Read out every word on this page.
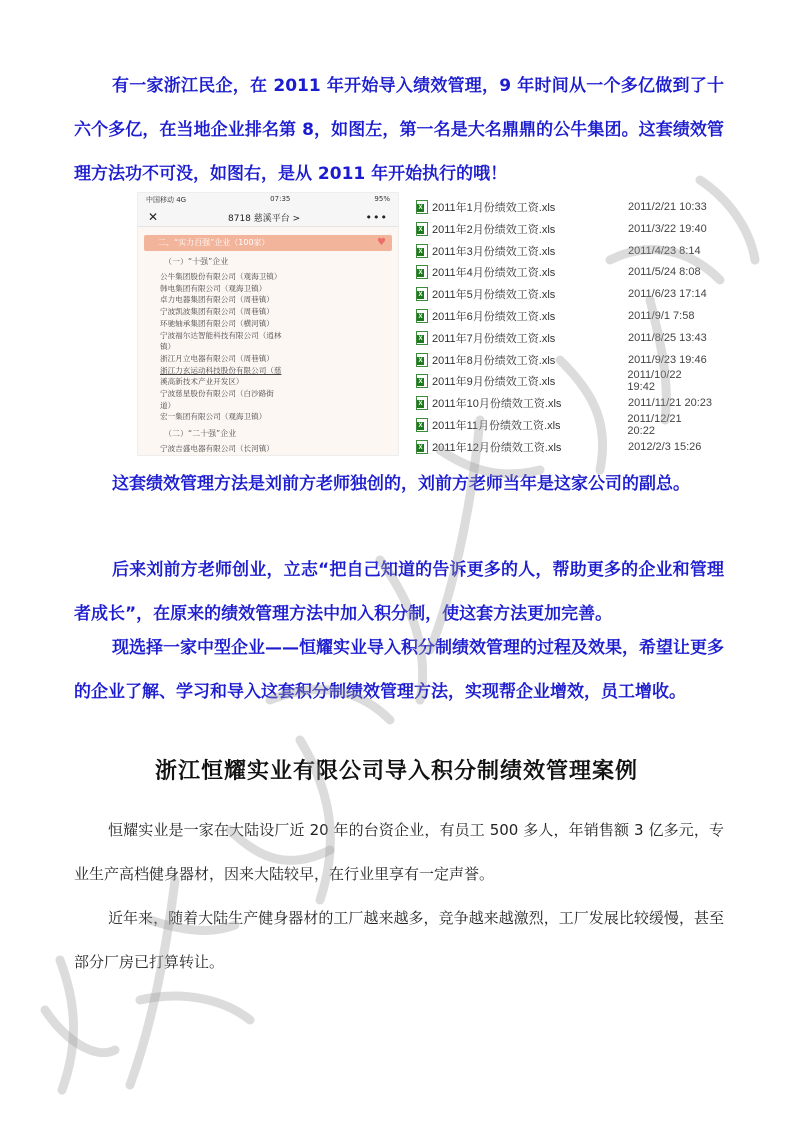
有一家浙江民企，在 2011 年开始导入绩效管理，9 年时间从一个多亿做到了十六个多亿，在当地企业排名第 8，如图左，第一名是大名鼎鼎的公牛集团。这套绩效管理方法功不可没，如图右，是从 2011 年开始执行的哦！

中国移动 4G	07:35	95%
✕	8718 慈溪平台 >	•••
二、“实力百强”企业（100家）	♥
（一）“十强”企业
公牛集团股份有限公司（观海卫镇）
韩电集团有限公司（观海卫镇）
卓力电器集团有限公司（周巷镇）
宁波凯波集团有限公司（周巷镇）
环驰轴承集团有限公司（横河镇）
宁波福尔达智能科技有限公司（逍林
镇）
浙江月立电器有限公司（周巷镇）
浙江力玄运动科技股份有限公司（慈
溪高新技术产业开发区）
宁波慈星股份有限公司（白沙路街
道）
宏一集团有限公司（观海卫镇）
（二）“二十强”企业
宁波吉盛电器有限公司（长河镇）
X
2011年1月份绩效工资.xls	2011/2/21 10:33
X
2011年2月份绩效工资.xls	2011/3/22 19:40
X
2011年3月份绩效工资.xls	2011/4/23 8:14
X
2011年4月份绩效工资.xls	2011/5/24 8:08
X
2011年5月份绩效工资.xls	2011/6/23 17:14
X
2011年6月份绩效工资.xls	2011/9/1 7:58
X
2011年7月份绩效工资.xls	2011/8/25 13:43
X
2011年8月份绩效工资.xls	2011/9/23 19:46
X
2011年9月份绩效工资.xls
2011/10/22 19:42
X
2011年10月份绩效工资.xls	2011/11/21 20:23
X
2011年11月份绩效工资.xls
2011/12/21 20:22
X
2011年12月份绩效工资.xls	2012/2/3 15:26

这套绩效管理方法是刘前方老师独创的，刘前方老师当年是这家公司的副总。

后来刘前方老师创业，立志“把自己知道的告诉更多的人，帮助更多的企业和管理者成长”，在原来的绩效管理方法中加入积分制，使这套方法更加完善。

现选择一家中型企业——恒耀实业导入积分制绩效管理的过程及效果，希望让更多的企业了解、学习和导入这套积分制绩效管理方法，实现帮企业增效，员工增收。

浙江恒耀实业有限公司导入积分制绩效管理案例

恒耀实业是一家在大陆设厂近 20 年的台资企业，有员工 500 多人，年销售额 3 亿多元，专业生产高档健身器材，因来大陆较早，在行业里享有一定声誉。

近年来，随着大陆生产健身器材的工厂越来越多，竞争越来越激烈，工厂发展比较缓慢，甚至部分厂房已打算转让。
